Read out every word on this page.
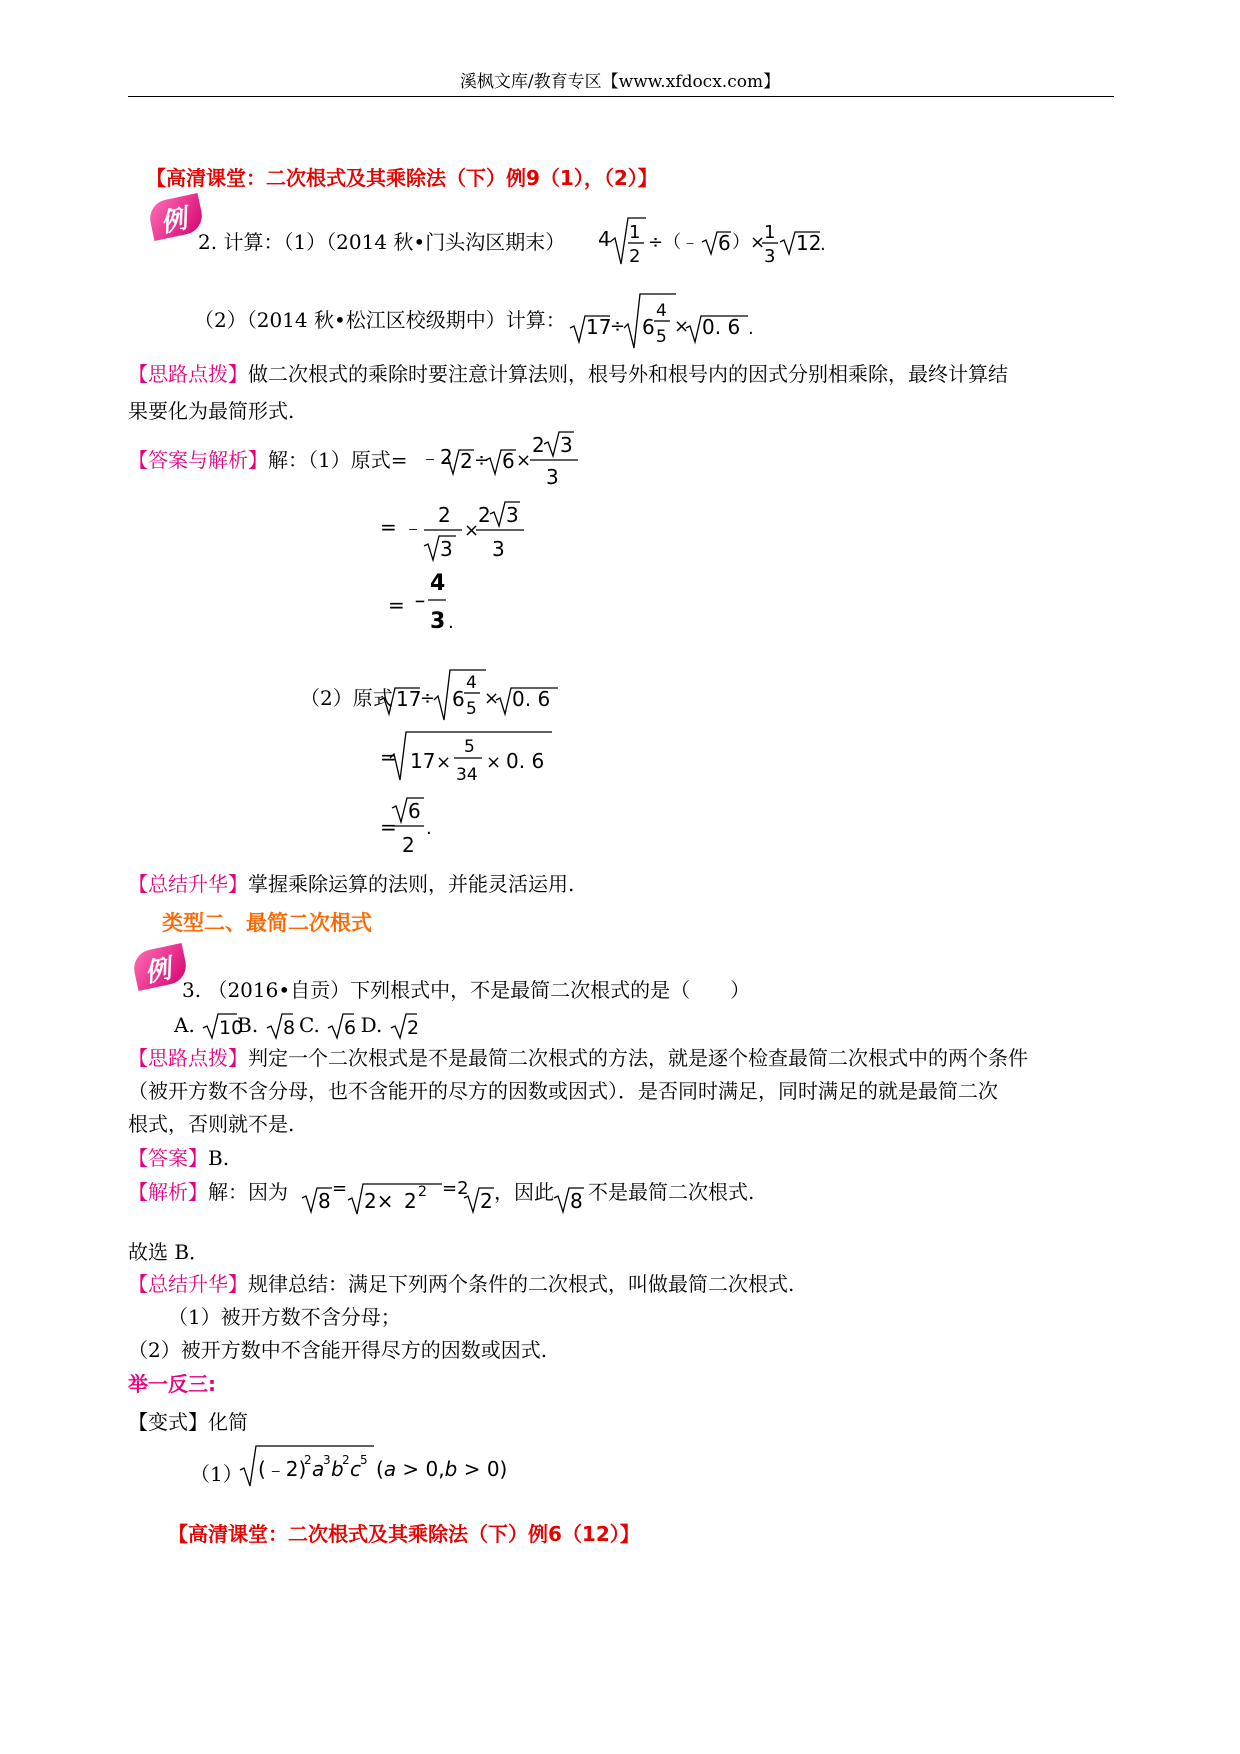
溪枫文库/教育专区【www.xfdocx.com】
【高清课堂：二次根式及其乘除法（下）例9（1），（2）】
例
2. 计算：（1）（2014 秋•门头沟区期末） 4 1
2
÷（﹣ 6 ）×
1
3
12
.
（2）（2014 秋•松江区校级期中）计算： 17
÷ 6
4
5 × 0. 6 .
【思路点拨】做二次根式的乘除时要注意计算法则，根号外和根号内的因式分别相乘除，最终计算结
果要化为最简形式.
【答案与解析】解：（1）原式= ﹣2 2 ÷ 6 ×
2 3
3
= ﹣ 2
3
×
2 3
3
= ﹣
4
3 .
（2）原式 17
÷ 6
4
5 × 0. 6
= 17 ×
5
34
× 0. 6
=
6
2
.
【总结升华】掌握乘除运算的法则，并能灵活运用.
类型二、最简二次根式
例
3. （2016•自贡）下列根式中，不是最简二次根式的是（　　）
A. 10
B. 8 C. 6 D. 2
【思路点拨】判定一个二次根式是不是最简二次根式的方法，就是逐个检查最简二次根式中的两个条件
（被开方数不含分母，也不含能开的尽方的因数或因式）．是否同时满足，同时满足的就是最简二次
根式，否则就不是.
【答案】B.
【解析】解：因为 8
=
2× 2 2 =2
2 ，因此 8 不是最简二次根式.
故选 B．
【总结升华】规律总结：满足下列两个条件的二次根式，叫做最简二次根式.
（1）被开方数不含分母；
（2）被开方数中不含能开得尽方的因数或因式.
举一反三:
【变式】化简
（1） (﹣2)
2 a
3 b
2 c 5 (a > 0,b > 0)
【高清课堂：二次根式及其乘除法（下）例6（12）】
